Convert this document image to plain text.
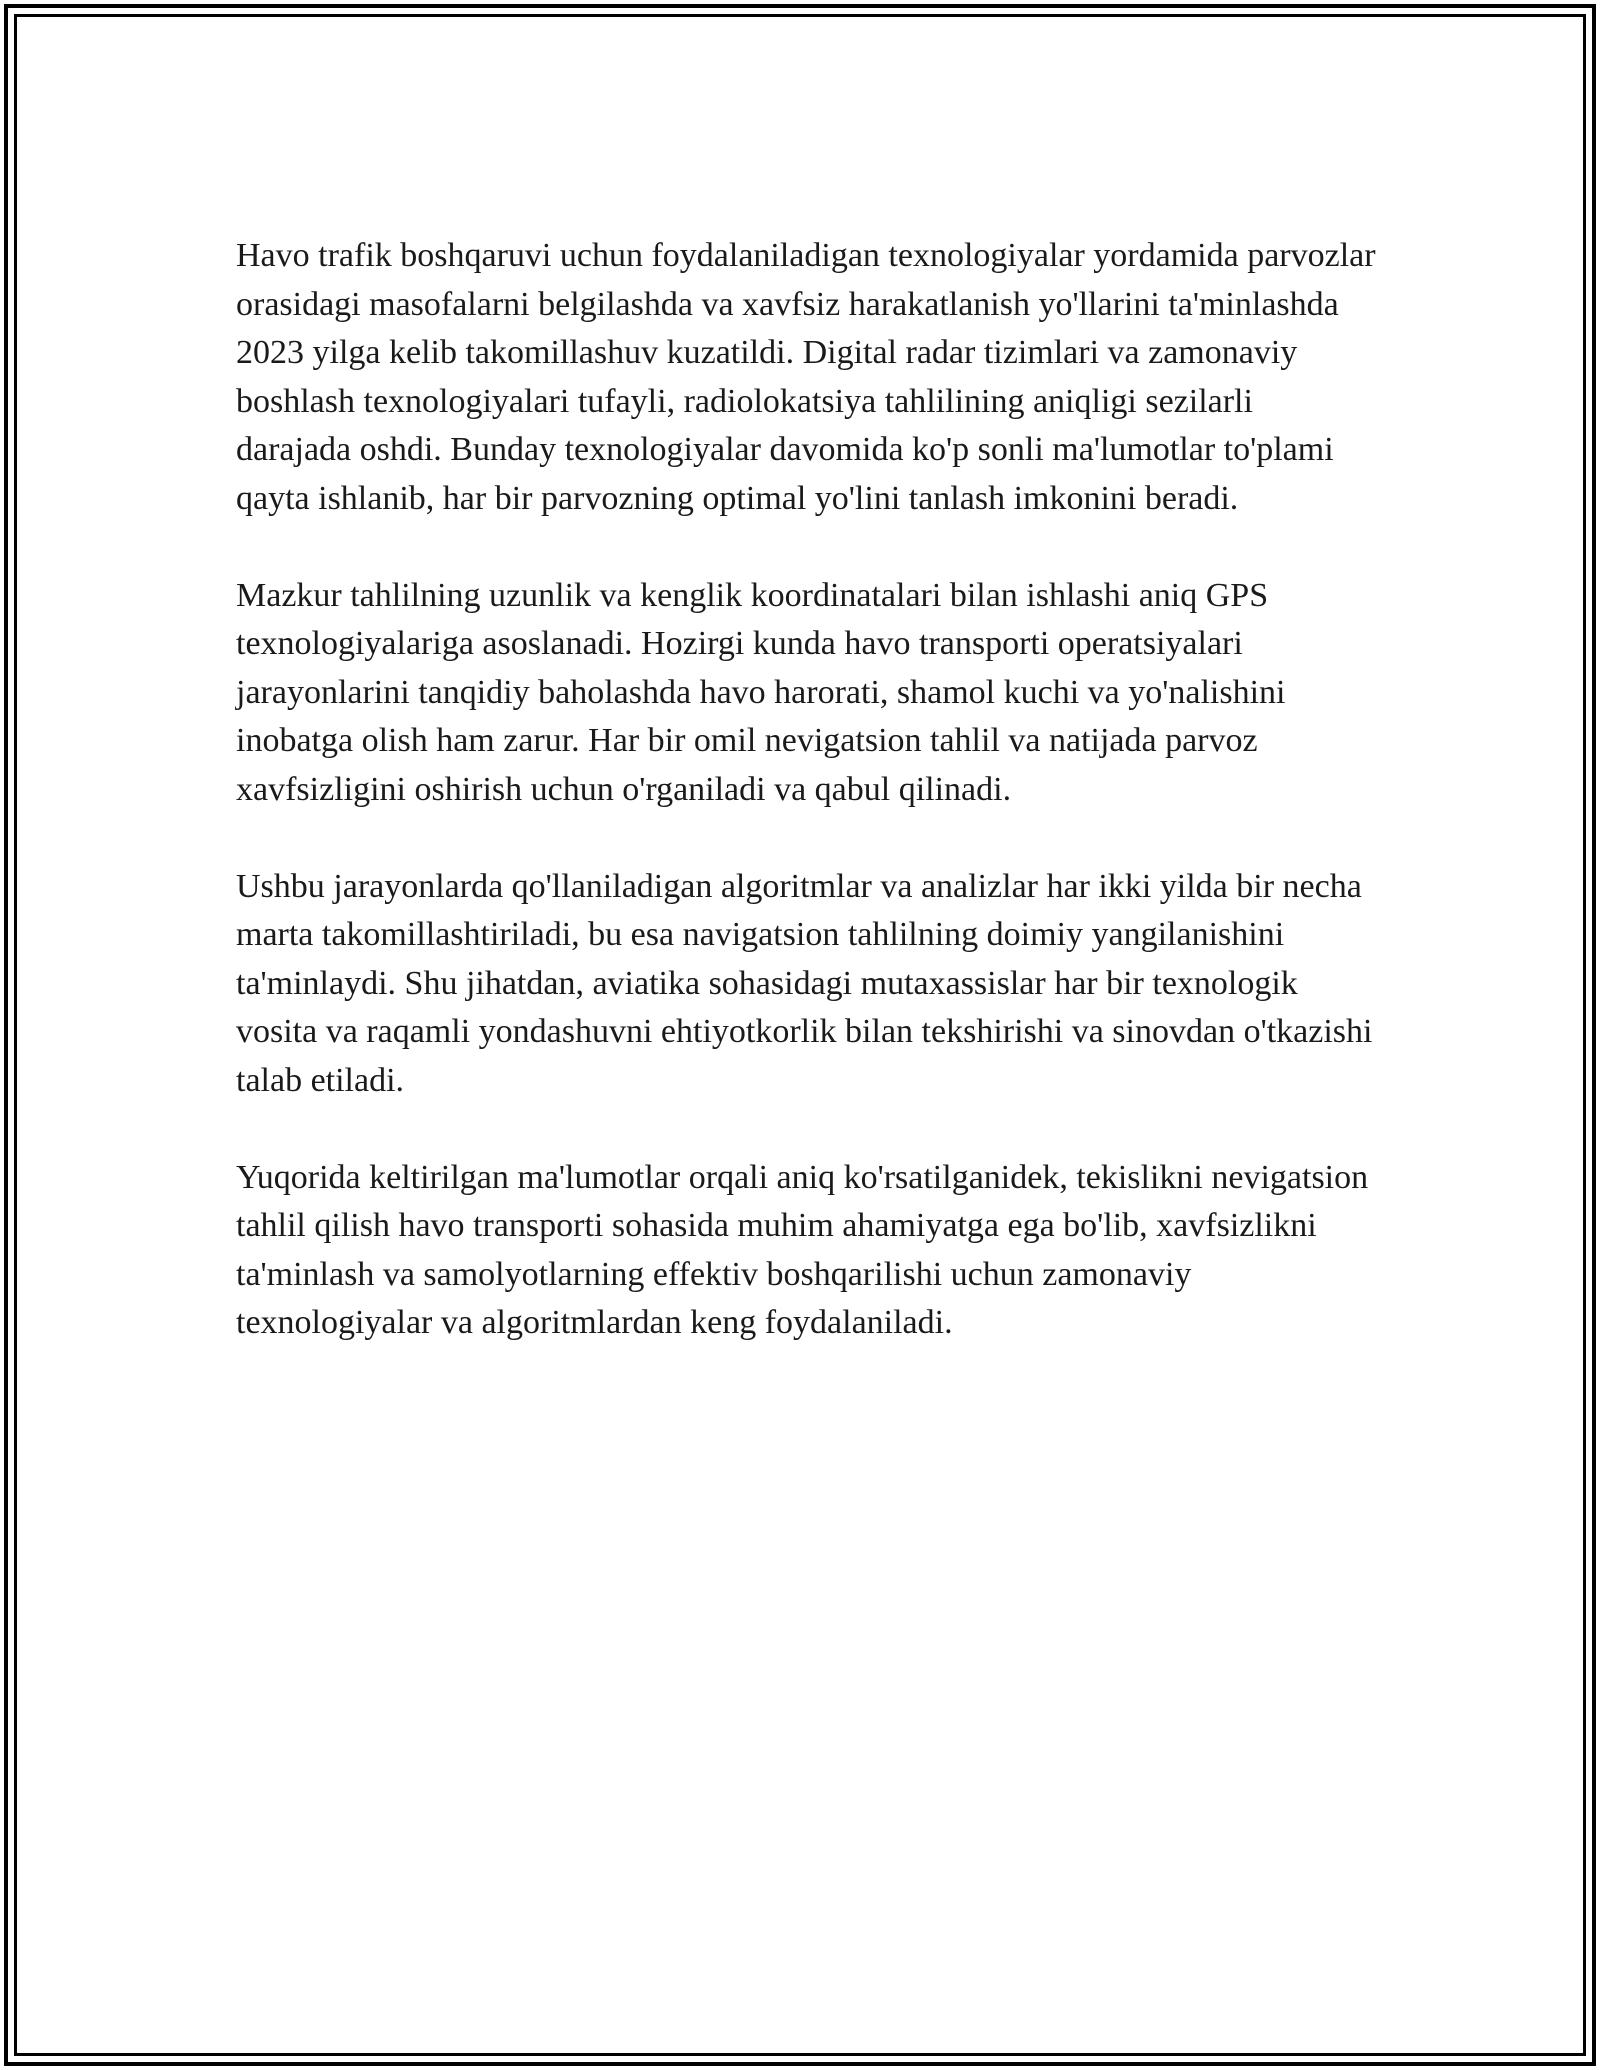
Havo trafik boshqaruvi uchun foydalaniladigan texnologiyalar yordamida parvozlar orasidagi masofalarni belgilashda va xavfsiz harakatlanish yo'llarini ta'minlashda 2023 yilga kelib takomillashuv kuzatildi. Digital radar tizimlari va zamonaviy boshlash texnologiyalari tufayli, radiolokatsiya tahlilining aniqligi sezilarli darajada oshdi. Bunday texnologiyalar davomida ko'p sonli ma'lumotlar to'plami qayta ishlanib, har bir parvozning optimal yo'lini tanlash imkonini beradi.

Mazkur tahlilning uzunlik va kenglik koordinatalari bilan ishlashi aniq GPS texnologiyalariga asoslanadi. Hozirgi kunda havo transporti operatsiyalari jarayonlarini tanqidiy baholashda havo harorati, shamol kuchi va yo'nalishini inobatga olish ham zarur. Har bir omil nevigatsion tahlil va natijada parvoz xavfsizligini oshirish uchun o'rganiladi va qabul qilinadi.

Ushbu jarayonlarda qo'llaniladigan algoritmlar va analizlar har ikki yilda bir necha marta takomillashtiriladi, bu esa navigatsion tahlilning doimiy yangilanishini ta'minlaydi. Shu jihatdan, aviatika sohasidagi mutaxassislar har bir texnologik vosita va raqamli yondashuvni ehtiyotkorlik bilan tekshirishi va sinovdan o'tkazishi talab etiladi.

Yuqorida keltirilgan ma'lumotlar orqali aniq ko'rsatilganidek, tekislikni nevigatsion tahlil qilish havo transporti sohasida muhim ahamiyatga ega bo'lib, xavfsizlikni ta'minlash va samolyotlarning effektiv boshqarilishi uchun zamonaviy texnologiyalar va algoritmlardan keng foydalaniladi.
